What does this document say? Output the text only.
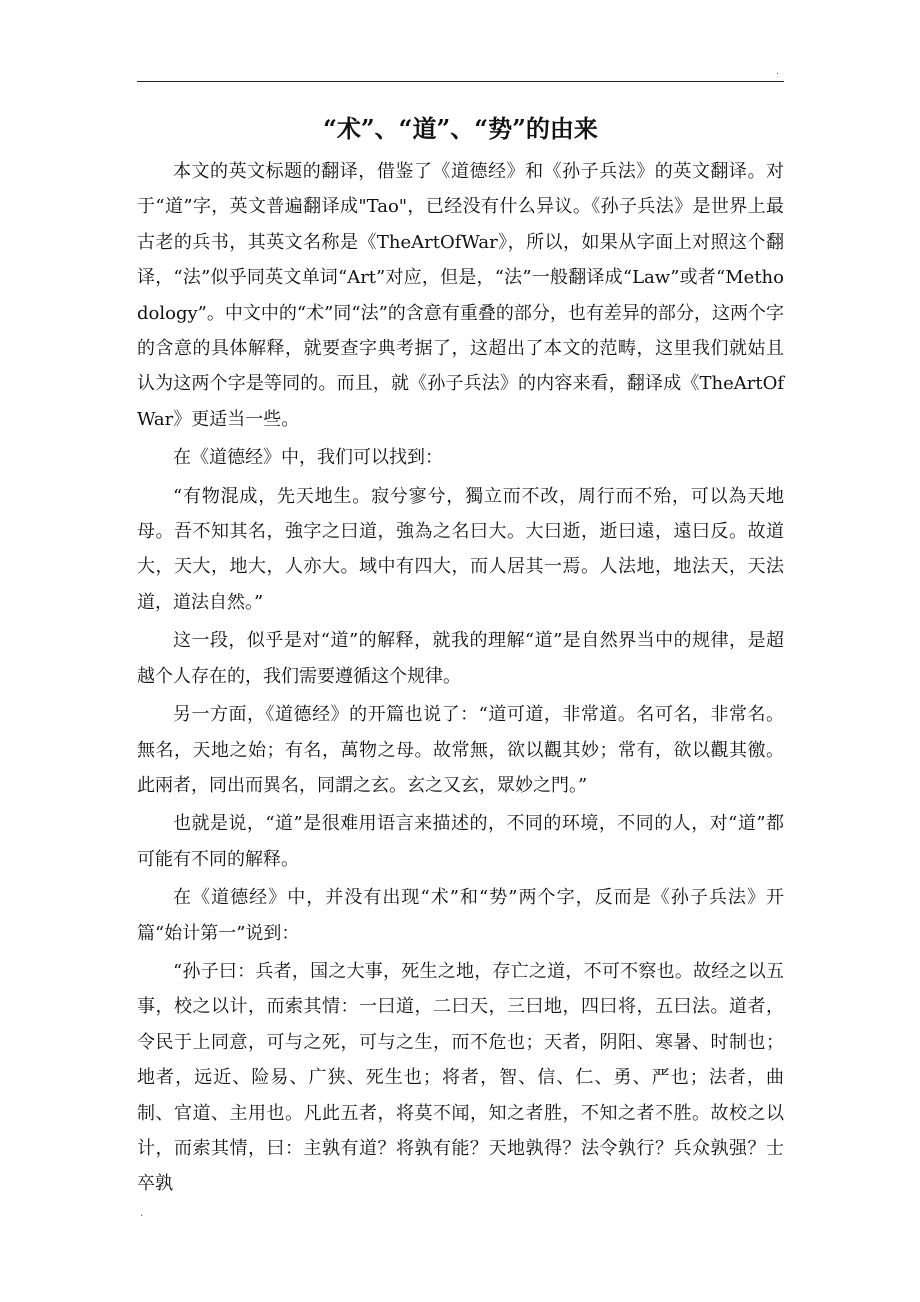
.
“术”、“道”、“势”的由来

本文的英文标题的翻译，借鉴了《道德经》和《孙子兵法》的英文翻译。对于“道”字，英文普遍翻译成"Tao"，已经没有什么异议。《孙子兵法》是世界上最古老的兵书，其英文名称是《TheArtOfWar》，所以，如果从字面上对照这个翻译，“法”似乎同英文单词“Art”对应，但是，“法”一般翻译成“Law”或者“Methodology”。中文中的“术”同“法”的含意有重叠的部分，也有差异的部分，这两个字的含意的具体解释，就要查字典考据了，这超出了本文的范畴，这里我们就姑且认为这两个字是等同的。而且，就《孙子兵法》的内容来看，翻译成《TheArtOfWar》更适当一些。

在《道德经》中，我们可以找到：

“有物混成，先天地生。寂兮寥兮，獨立而不改，周行而不殆，可以為天地母。吾不知其名，強字之曰道，強為之名曰大。大曰逝，逝曰遠，遠曰反。故道大，天大，地大，人亦大。域中有四大，而人居其一焉。人法地，地法天，天法道，道法自然。”

这一段，似乎是对“道”的解释，就我的理解“道”是自然界当中的规律，是超越个人存在的，我们需要遵循这个规律。

另一方面，《道德经》的开篇也说了：“道可道，非常道。名可名，非常名。無名，天地之始；有名，萬物之母。故常無，欲以觀其妙；常有，欲以觀其徼。此兩者，同出而異名，同謂之玄。玄之又玄，眾妙之門。”

也就是说，“道”是很难用语言来描述的，不同的环境，不同的人，对“道”都可能有不同的解释。

在《道德经》中，并没有出现“术”和“势”两个字，反而是《孙子兵法》开篇“始计第一”说到：

“孙子曰：兵者，国之大事，死生之地，存亡之道，不可不察也。故经之以五事，校之以计，而索其情：一曰道，二曰天，三曰地，四曰将，五曰法。道者，令民于上同意，可与之死，可与之生，而不危也；天者，阴阳、寒暑、时制也；地者，远近、险易、广狭、死生也；将者，智、信、仁、勇、严也；法者，曲制、官道、主用也。凡此五者，将莫不闻，知之者胜，不知之者不胜。故校之以计，而索其情，曰：主孰有道？将孰有能？天地孰得？法令孰行？兵众孰强？士卒孰

.
